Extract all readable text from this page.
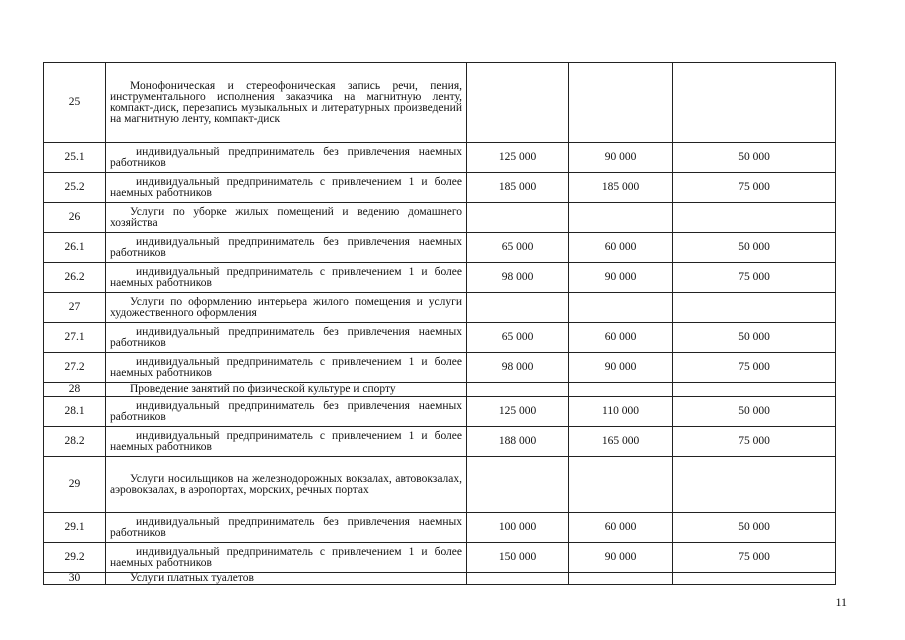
25	Монофоническая и стереофоническая запись речи, пения, инструментального исполнения заказчика на магнитную ленту, компакт-диск, перезапись музыкальных и литературных произведений на магнитную ленту, компакт-диск			
25.1	индивидуальный предприниматель без привлечения наемных работников	125 000	90 000	50 000
25.2	индивидуальный предприниматель с привлечением 1 и более наемных работников	185 000	185 000	75 000
26	Услуги по уборке жилых помещений и ведению домашнего хозяйства			
26.1	индивидуальный предприниматель без привлечения наемных работников	65 000	60 000	50 000
26.2	индивидуальный предприниматель с привлечением 1 и более наемных работников	98 000	90 000	75 000
27	Услуги по оформлению интерьера жилого помещения и услуги художественного оформления			
27.1	индивидуальный предприниматель без привлечения наемных работников	65 000	60 000	50 000
27.2	индивидуальный предприниматель с привлечением 1 и более наемных работников	98 000	90 000	75 000
28	Проведение занятий по физической культуре и спорту			
28.1	индивидуальный предприниматель без привлечения наемных работников	125 000	110 000	50 000
28.2	индивидуальный предприниматель с привлечением 1 и более наемных работников	188 000	165 000	75 000
29	Услуги носильщиков на железнодорожных вокзалах, автовокзалах, аэровокзалах, в аэропортах, морских, речных портах			
29.1	индивидуальный предприниматель без привлечения наемных работников	100 000	60 000	50 000
29.2	индивидуальный предприниматель с привлечением 1 и более наемных работников	150 000	90 000	75 000
30	Услуги платных туалетов			
11
